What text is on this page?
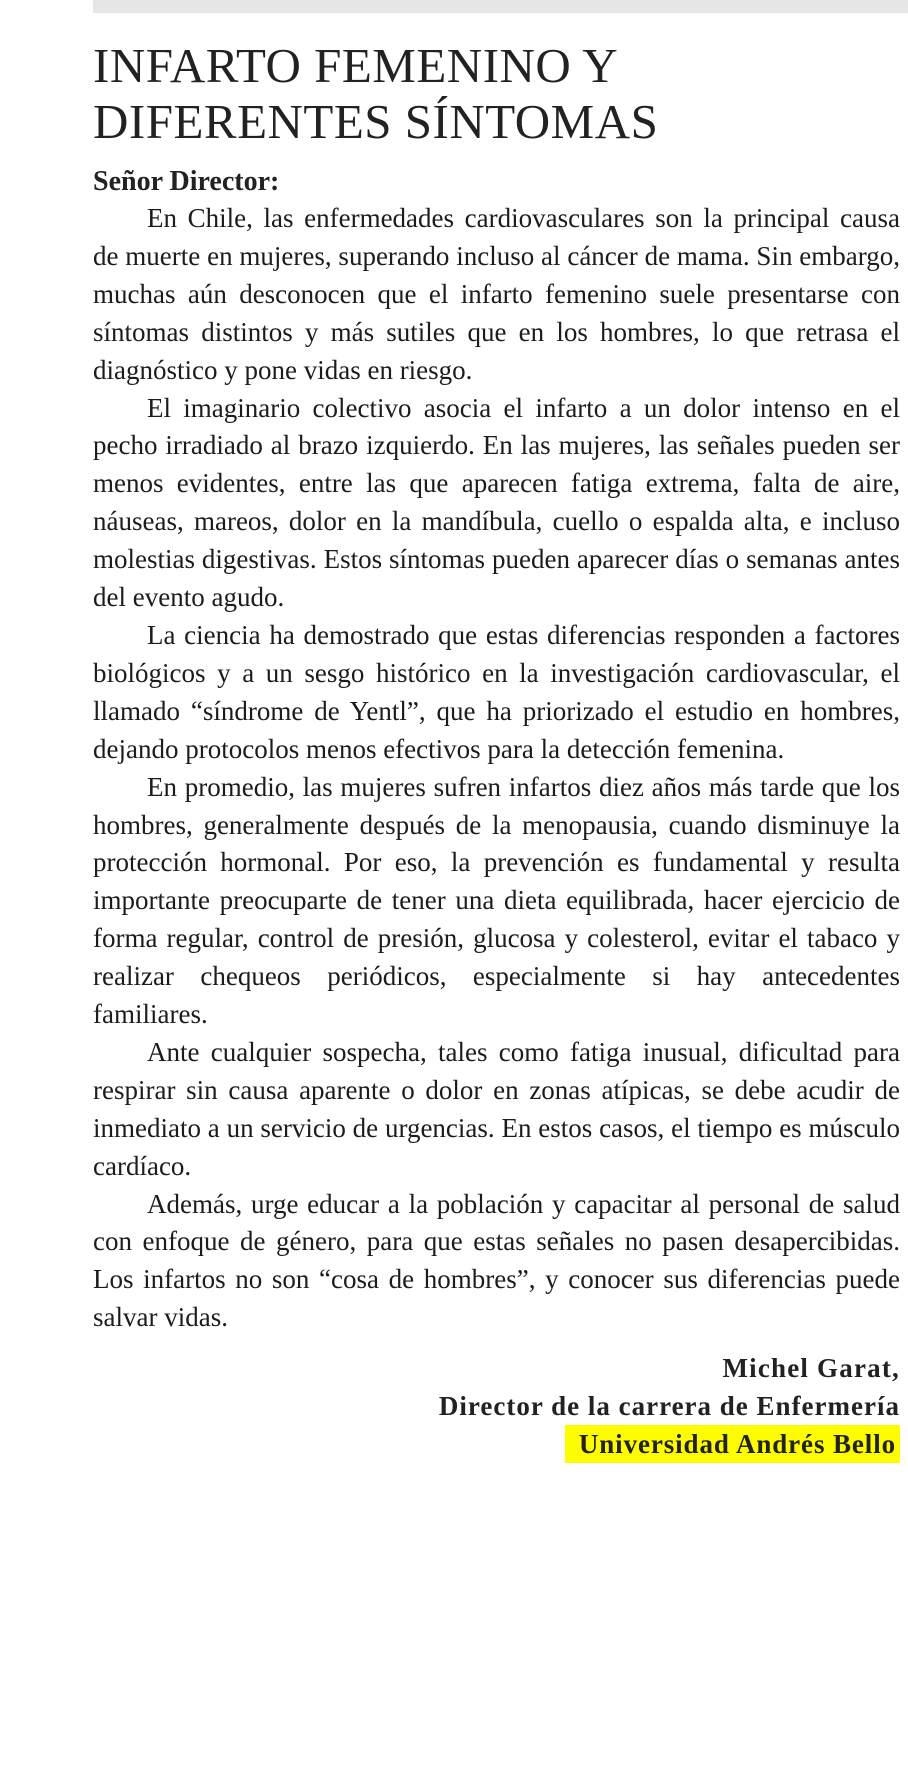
INFARTO FEMENINO Y
DIFERENTES SÍNTOMAS
Señor Director:

En Chile, las enfermedades cardiovasculares son la principal causa de muerte en mujeres, superando incluso al cáncer de mama. Sin embargo, muchas aún desconocen que el infarto femenino suele presentarse con síntomas distintos y más sutiles que en los hombres, lo que retrasa el diagnóstico y pone vidas en riesgo.

El imaginario colectivo asocia el infarto a un dolor intenso en el pecho irradiado al brazo izquierdo. En las mujeres, las señales pueden ser menos evidentes, entre las que aparecen fatiga extrema, falta de aire, náuseas, mareos, dolor en la mandíbula, cuello o espalda alta, e incluso molestias digestivas. Estos síntomas pueden aparecer días o semanas antes del evento agudo.

La ciencia ha demostrado que estas diferencias responden a factores biológicos y a un sesgo histórico en la investigación cardiovascular, el llamado “síndrome de Yentl”, que ha priorizado el estudio en hombres, dejando protocolos menos efectivos para la detección femenina.

En promedio, las mujeres sufren infartos diez años más tarde que los hombres, generalmente después de la menopausia, cuando disminuye la protección hormonal. Por eso, la prevención es fundamental y resulta importante preocuparte de tener una dieta equilibrada, hacer ejercicio de forma regular, control de presión, glucosa y colesterol, evitar el tabaco y realizar chequeos periódicos, especialmente si hay antecedentes familiares.

Ante cualquier sospecha, tales como fatiga inusual, dificultad para respirar sin causa aparente o dolor en zonas atípicas, se debe acudir de inmediato a un servicio de urgencias. En estos casos, el tiempo es músculo cardíaco.

Además, urge educar a la población y capacitar al personal de salud con enfoque de género, para que estas señales no pasen desapercibidas. Los infartos no son “cosa de hombres”, y conocer sus diferencias puede salvar vidas.

Michel Garat,
Director de la carrera de Enfermería
Universidad Andrés Bello
